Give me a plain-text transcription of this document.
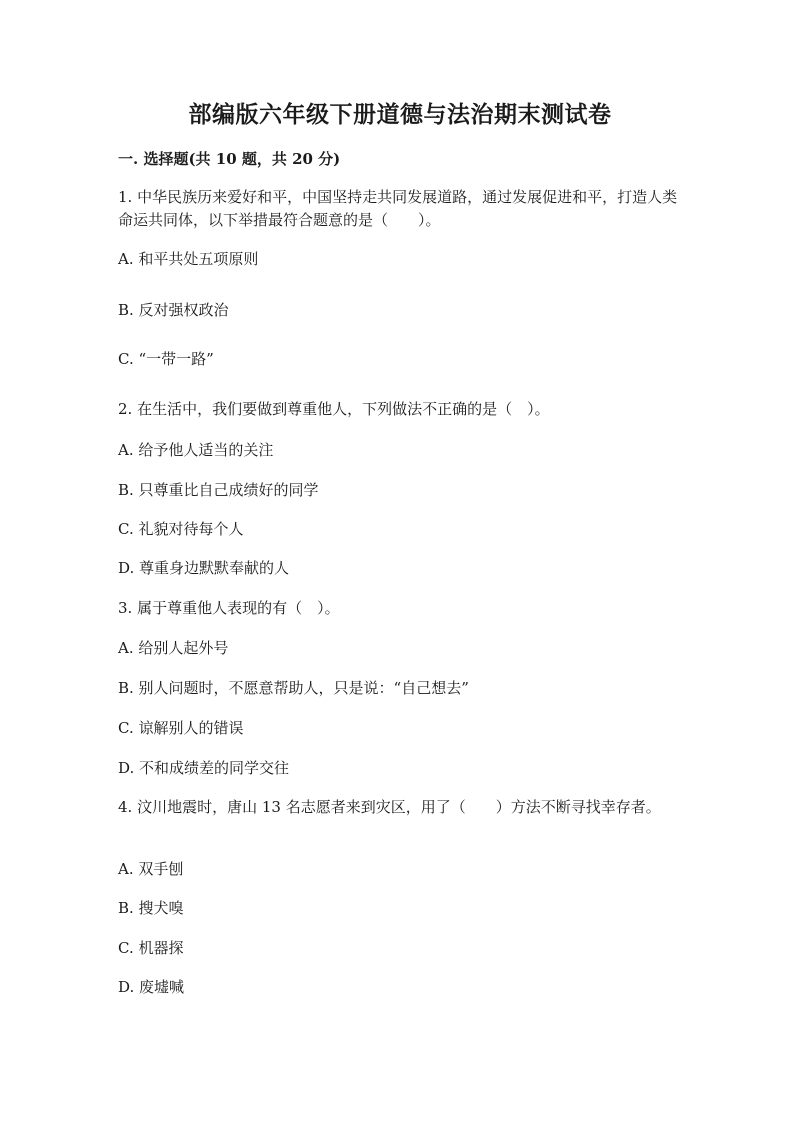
部编版六年级下册道德与法治期末测试卷

一. 选择题(共 10 题，共 20 分)

1. 中华民族历来爱好和平，中国坚持走共同发展道路，通过发展促进和平，打造人类命运共同体，以下举措最符合题意的是（　　）。

A. 和平共处五项原则

B. 反对强权政治

C. “一带一路”

2. 在生活中，我们要做到尊重他人，下列做法不正确的是（　）。

A. 给予他人适当的关注

B. 只尊重比自己成绩好的同学

C. 礼貌对待每个人

D. 尊重身边默默奉献的人

3. 属于尊重他人表现的有（　）。

A. 给别人起外号

B. 别人问题时，不愿意帮助人，只是说：“自己想去”

C. 谅解别人的错误

D. 不和成绩差的同学交往

4. 汶川地震时，唐山 13 名志愿者来到灾区，用了（　　）方法不断寻找幸存者。

A. 双手刨

B. 搜犬嗅

C. 机器探

D. 废墟喊
